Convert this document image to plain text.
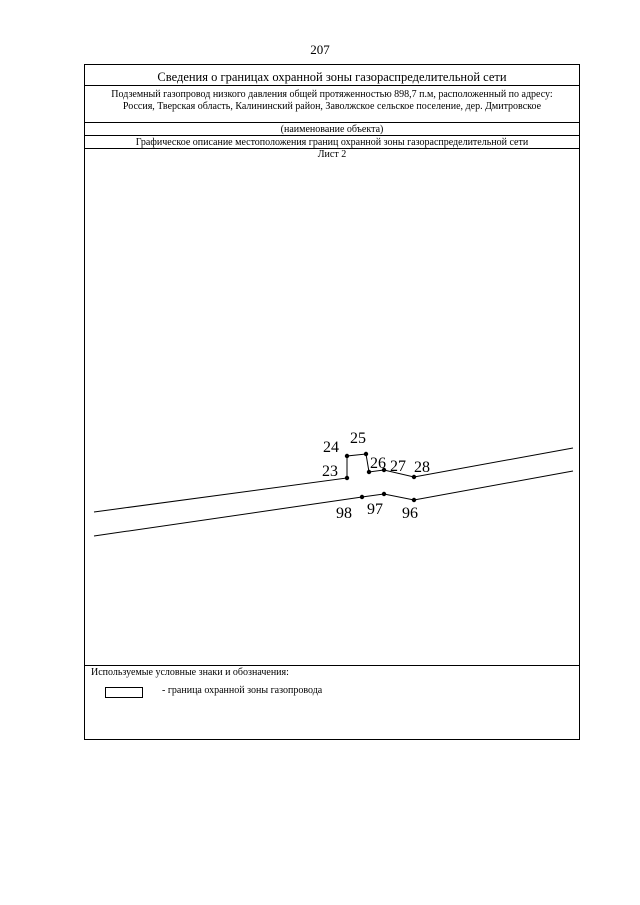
207
Сведения о границах охранной зоны газораспределительной сети
Подземный газопровод низкого давления общей протяженностью 898,7 п.м, расположенный по адресу:
Россия, Тверская область, Калининский район, Заволжское сельское поселение, дер. Дмитровское
(наименование объекта)
Графическое описание местоположения границ охранной зоны газораспределительной сети
Лист 2
Используемые условные знаки и обозначения:
- граница охранной зоны газопровода
24
25
23 26 27 28
98 97 96
